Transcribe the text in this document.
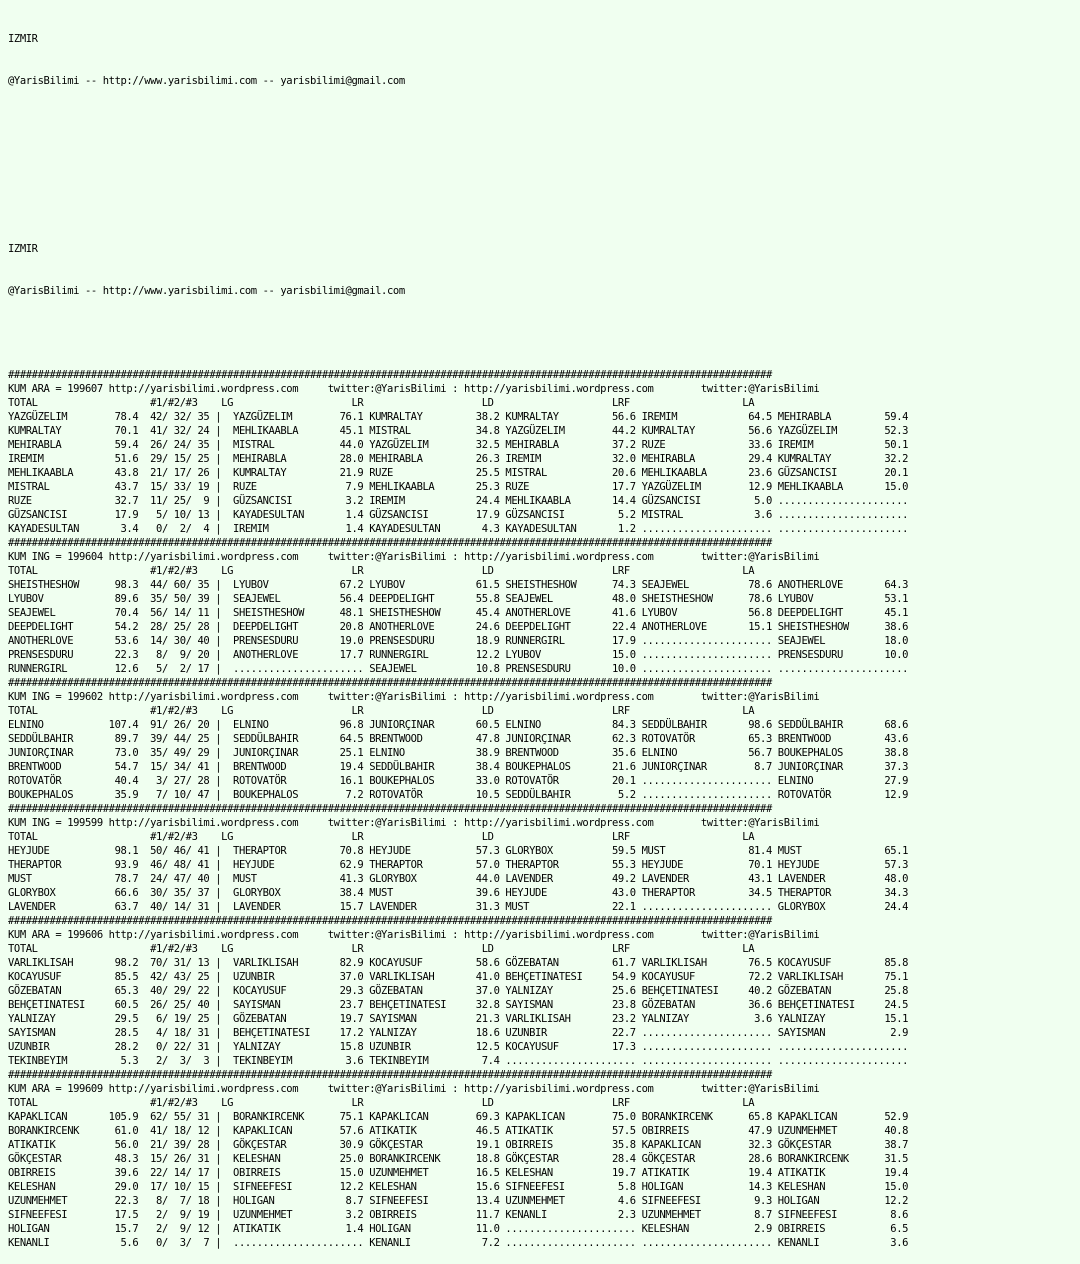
IZMIR

@YarisBilimi -- http://www.yarisbilimi.com -- yarisbilimi@gmail.com

IZMIR

@YarisBilimi -- http://www.yarisbilimi.com -- yarisbilimi@gmail.com

#################################################################################################################################
KUM ARA = 199607 http://yarisbilimi.wordpress.com     twitter:@YarisBilimi : http://yarisbilimi.wordpress.com        twitter:@YarisBilimi
TOTAL                   #1/#2/#3    LG                    LR                    LD                    LRF                   LA
YAZGÜZELIM        78.4  42/ 32/ 35 |  YAZGÜZELIM        76.1 KUMRALTAY         38.2 KUMRALTAY         56.6 IREMIM            64.5 MEHIRABLA         59.4
KUMRALTAY         70.1  41/ 32/ 24 |  MEHLIKAABLA       45.1 MISTRAL           34.8 YAZGÜZELIM        44.2 KUMRALTAY         56.6 YAZGÜZELIM        52.3
MEHIRABLA         59.4  26/ 24/ 35 |  MISTRAL           44.0 YAZGÜZELIM        32.5 MEHIRABLA         37.2 RUZE              33.6 IREMIM            50.1
IREMIM            51.6  29/ 15/ 25 |  MEHIRABLA         28.0 MEHIRABLA         26.3 IREMIM            32.0 MEHIRABLA         29.4 KUMRALTAY         32.2
MEHLIKAABLA       43.8  21/ 17/ 26 |  KUMRALTAY         21.9 RUZE              25.5 MISTRAL           20.6 MEHLIKAABLA       23.6 GÜZSANCISI        20.1
MISTRAL           43.7  15/ 33/ 19 |  RUZE               7.9 MEHLIKAABLA       25.3 RUZE              17.7 YAZGÜZELIM        12.9 MEHLIKAABLA       15.0
RUZE              32.7  11/ 25/  9 |  GÜZSANCISI         3.2 IREMIM            24.4 MEHLIKAABLA       14.4 GÜZSANCISI         5.0 ......................
GÜZSANCISI        17.9   5/ 10/ 13 |  KAYADESULTAN       1.4 GÜZSANCISI        17.9 GÜZSANCISI         5.2 MISTRAL            3.6 ......................
KAYADESULTAN       3.4   0/  2/  4 |  IREMIM             1.4 KAYADESULTAN       4.3 KAYADESULTAN       1.2 ...................... ......................
#################################################################################################################################
KUM ING = 199604 http://yarisbilimi.wordpress.com     twitter:@YarisBilimi : http://yarisbilimi.wordpress.com        twitter:@YarisBilimi
TOTAL                   #1/#2/#3    LG                    LR                    LD                    LRF                   LA
SHEISTHESHOW      98.3  44/ 60/ 35 |  LYUBOV            67.2 LYUBOV            61.5 SHEISTHESHOW      74.3 SEAJEWEL          78.6 ANOTHERLOVE       64.3
LYUBOV            89.6  35/ 50/ 39 |  SEAJEWEL          56.4 DEEPDELIGHT       55.8 SEAJEWEL          48.0 SHEISTHESHOW      78.6 LYUBOV            53.1
SEAJEWEL          70.4  56/ 14/ 11 |  SHEISTHESHOW      48.1 SHEISTHESHOW      45.4 ANOTHERLOVE       41.6 LYUBOV            56.8 DEEPDELIGHT       45.1
DEEPDELIGHT       54.2  28/ 25/ 28 |  DEEPDELIGHT       20.8 ANOTHERLOVE       24.6 DEEPDELIGHT       22.4 ANOTHERLOVE       15.1 SHEISTHESHOW      38.6
ANOTHERLOVE       53.6  14/ 30/ 40 |  PRENSESDURU       19.0 PRENSESDURU       18.9 RUNNERGIRL        17.9 ...................... SEAJEWEL          18.0
PRENSESDURU       22.3   8/  9/ 20 |  ANOTHERLOVE       17.7 RUNNERGIRL        12.2 LYUBOV            15.0 ...................... PRENSESDURU       10.0
RUNNERGIRL        12.6   5/  2/ 17 |  ...................... SEAJEWEL          10.8 PRENSESDURU       10.0 ...................... ......................
#################################################################################################################################
KUM ING = 199602 http://yarisbilimi.wordpress.com     twitter:@YarisBilimi : http://yarisbilimi.wordpress.com        twitter:@YarisBilimi
TOTAL                   #1/#2/#3    LG                    LR                    LD                    LRF                   LA
ELNINO           107.4  91/ 26/ 20 |  ELNINO            96.8 JUNIORÇINAR       60.5 ELNINO            84.3 SEDDÜLBAHIR       98.6 SEDDÜLBAHIR       68.6
SEDDÜLBAHIR       89.7  39/ 44/ 25 |  SEDDÜLBAHIR       64.5 BRENTWOOD         47.8 JUNIORÇINAR       62.3 ROTOVATÖR         65.3 BRENTWOOD         43.6
JUNIORÇINAR       73.0  35/ 49/ 29 |  JUNIORÇINAR       25.1 ELNINO            38.9 BRENTWOOD         35.6 ELNINO            56.7 BOUKEPHALOS       38.8
BRENTWOOD         54.7  15/ 34/ 41 |  BRENTWOOD         19.4 SEDDÜLBAHIR       38.4 BOUKEPHALOS       21.6 JUNIORÇINAR        8.7 JUNIORÇINAR       37.3
ROTOVATÖR         40.4   3/ 27/ 28 |  ROTOVATÖR         16.1 BOUKEPHALOS       33.0 ROTOVATÖR         20.1 ...................... ELNINO            27.9
BOUKEPHALOS       35.9   7/ 10/ 47 |  BOUKEPHALOS        7.2 ROTOVATÖR         10.5 SEDDÜLBAHIR        5.2 ...................... ROTOVATÖR         12.9
#################################################################################################################################
KUM ING = 199599 http://yarisbilimi.wordpress.com     twitter:@YarisBilimi : http://yarisbilimi.wordpress.com        twitter:@YarisBilimi
TOTAL                   #1/#2/#3    LG                    LR                    LD                    LRF                   LA
HEYJUDE           98.1  50/ 46/ 41 |  THERAPTOR         70.8 HEYJUDE           57.3 GLORYBOX          59.5 MUST              81.4 MUST              65.1
THERAPTOR         93.9  46/ 48/ 41 |  HEYJUDE           62.9 THERAPTOR         57.0 THERAPTOR         55.3 HEYJUDE           70.1 HEYJUDE           57.3
MUST              78.7  24/ 47/ 40 |  MUST              41.3 GLORYBOX          44.0 LAVENDER          49.2 LAVENDER          43.1 LAVENDER          48.0
GLORYBOX          66.6  30/ 35/ 37 |  GLORYBOX          38.4 MUST              39.6 HEYJUDE           43.0 THERAPTOR         34.5 THERAPTOR         34.3
LAVENDER          63.7  40/ 14/ 31 |  LAVENDER          15.7 LAVENDER          31.3 MUST              22.1 ...................... GLORYBOX          24.4
#################################################################################################################################
KUM ARA = 199606 http://yarisbilimi.wordpress.com     twitter:@YarisBilimi : http://yarisbilimi.wordpress.com        twitter:@YarisBilimi
TOTAL                   #1/#2/#3    LG                    LR                    LD                    LRF                   LA
VARLIKLISAH       98.2  70/ 31/ 13 |  VARLIKLISAH       82.9 KOCAYUSUF         58.6 GÖZEBATAN         61.7 VARLIKLISAH       76.5 KOCAYUSUF         85.8
KOCAYUSUF         85.5  42/ 43/ 25 |  UZUNBIR           37.0 VARLIKLISAH       41.0 BEHÇETINATESI     54.9 KOCAYUSUF         72.2 VARLIKLISAH       75.1
GÖZEBATAN         65.3  40/ 29/ 22 |  KOCAYUSUF         29.3 GÖZEBATAN         37.0 YALNIZAY          25.6 BEHÇETINATESI     40.2 GÖZEBATAN         25.8
BEHÇETINATESI     60.5  26/ 25/ 40 |  SAYISMAN          23.7 BEHÇETINATESI     32.8 SAYISMAN          23.8 GÖZEBATAN         36.6 BEHÇETINATESI     24.5
YALNIZAY          29.5   6/ 19/ 25 |  GÖZEBATAN         19.7 SAYISMAN          21.3 VARLIKLISAH       23.2 YALNIZAY           3.6 YALNIZAY          15.1
SAYISMAN          28.5   4/ 18/ 31 |  BEHÇETINATESI     17.2 YALNIZAY          18.6 UZUNBIR           22.7 ...................... SAYISMAN           2.9
UZUNBIR           28.2   0/ 22/ 31 |  YALNIZAY          15.8 UZUNBIR           12.5 KOCAYUSUF         17.3 ...................... ......................
TEKINBEYIM         5.3   2/  3/  3 |  TEKINBEYIM         3.6 TEKINBEYIM         7.4 ...................... ...................... ......................
#################################################################################################################################
KUM ARA = 199609 http://yarisbilimi.wordpress.com     twitter:@YarisBilimi : http://yarisbilimi.wordpress.com        twitter:@YarisBilimi
TOTAL                   #1/#2/#3    LG                    LR                    LD                    LRF                   LA
KAPAKLICAN       105.9  62/ 55/ 31 |  BORANKIRCENK      75.1 KAPAKLICAN        69.3 KAPAKLICAN        75.0 BORANKIRCENK      65.8 KAPAKLICAN        52.9
BORANKIRCENK      61.0  41/ 18/ 12 |  KAPAKLICAN        57.6 ATIKATIK          46.5 ATIKATIK          57.5 OBIRREIS          47.9 UZUNMEHMET        40.8
ATIKATIK          56.0  21/ 39/ 28 |  GÖKÇESTAR         30.9 GÖKÇESTAR         19.1 OBIRREIS          35.8 KAPAKLICAN        32.3 GÖKÇESTAR         38.7
GÖKÇESTAR         48.3  15/ 26/ 31 |  KELESHAN          25.0 BORANKIRCENK      18.8 GÖKÇESTAR         28.4 GÖKÇESTAR         28.6 BORANKIRCENK      31.5
OBIRREIS          39.6  22/ 14/ 17 |  OBIRREIS          15.0 UZUNMEHMET        16.5 KELESHAN          19.7 ATIKATIK          19.4 ATIKATIK          19.4
KELESHAN          29.0  17/ 10/ 15 |  SIFNEEFESI        12.2 KELESHAN          15.6 SIFNEEFESI         5.8 HOLIGAN           14.3 KELESHAN          15.0
UZUNMEHMET        22.3   8/  7/ 18 |  HOLIGAN            8.7 SIFNEEFESI        13.4 UZUNMEHMET         4.6 SIFNEEFESI         9.3 HOLIGAN           12.2
SIFNEEFESI        17.5   2/  9/ 19 |  UZUNMEHMET         3.2 OBIRREIS          11.7 KENANLI            2.3 UZUNMEHMET         8.7 SIFNEEFESI         8.6
HOLIGAN           15.7   2/  9/ 12 |  ATIKATIK           1.4 HOLIGAN           11.0 ...................... KELESHAN           2.9 OBIRREIS           6.5
KENANLI            5.6   0/  3/  7 |  ...................... KENANLI            7.2 ...................... ...................... KENANLI            3.6
